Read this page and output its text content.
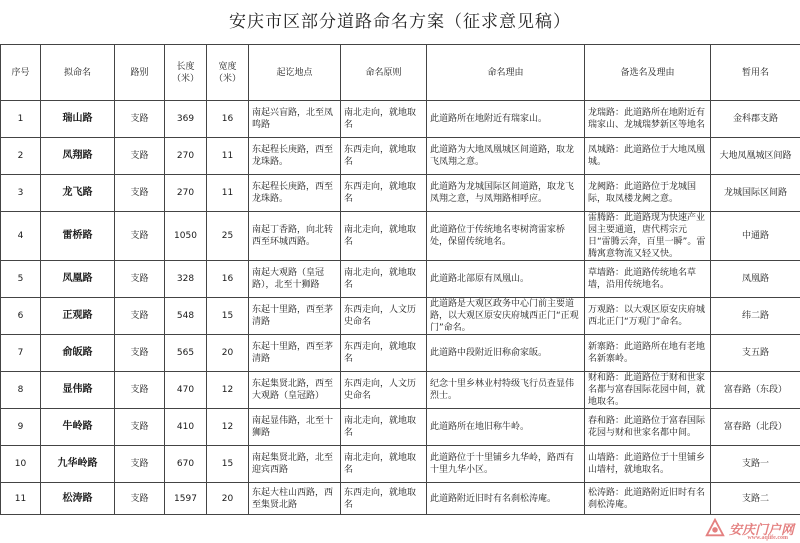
安庆市区部分道路命名方案（征求意见稿）
序号	拟命名	路别	长度（米）	宽度（米）	起讫地点	命名原则	命名理由	备选名及理由	暂用名
1	瑞山路	支路	369	16	南起兴盲路，北至凤鸣路	南北走向，就地取名	此道路所在地附近有瑞家山。	龙瑞路：此道路所在地附近有瑞家山、龙城瑞梦新区等地名	金科郡支路
2	凤翔路	支路	270	11	东起程长庚路，西至龙珠路。	东西走向，就地取名	此道路为大地凤凰城区间道路，取龙飞凤翔之意。	凤城路：此道路位于大地凤凰城。	大地凤凰城区间路
3	龙飞路	支路	270	11	东起程长庚路，西至龙珠路。	东西走向，就地取名	此道路为龙城国际区间道路，取龙飞凤翔之意，与凤翔路相呼应。	龙阙路：此道路位于龙城国际，取凤楼龙阙之意。	龙城国际区间路
4	雷桥路	支路	1050	25	南起丁香路，向北转西至环城西路。	南北走向，就地取名	此道路位于传统地名枣树湾雷家桥处，保留传统地名。	雷腾路：此道路现为快速产业园主要通道，唐代樗宗元日“雷腾云奔，百里一瞬”。雷腾寓意物流又轻又快。	中通路
5	凤凰路	支路	328	16	南起大观路（皇冠路），北至十狮路	南北走向，就地取名	此道路北部原有凤凰山。	草墙路：此道路传统地名草墙，沿用传统地名。	凤凰路
6	正观路	支路	548	15	东起十里路，西至茅清路	东西走向，人文历史命名	此道路是大观区政务中心门前主要道路，以大观区原安庆府城西正门“正观门”命名。	万观路：以大观区原安庆府城西北正门“万观门”命名。	纬二路
7	俞皈路	支路	565	20	东起十里路，西至茅清路	东西走向，就地取名	此道路中段附近旧称俞家皈。	新寨路：此道路所在地有老地名新寨岭。	支五路
8	显伟路	支路	470	12	东起集贤北路，西至大观路（皇冠路）	东西走向，人文历史命名	纪念十里乡林业村特级飞行员查显伟烈士。	财和路：此道路位于财和世家名都与富春国际花园中间，就地取名。	富春路（东段）
9	牛岭路	支路	410	12	南起显伟路，北至十狮路	南北走向，就地取名	此道路所在地旧称牛岭。	春和路：此道路位于富春国际花园与财和世家名都中间。	富春路（北段）
10	九华岭路	支路	670	15	南起集贤北路，北至迎宾西路	南北走向，就地取名	此道路位于十里铺乡九华岭，路西有十里九华小区。	山墙路：此道路位于十里铺乡山墙村，就地取名。	支路一
11	松涛路	支路	1597	20	东起大柱山西路，西至集贤北路	东西走向，就地取名	此道路附近旧时有名刹松涛庵。	松涛路：此道路附近旧时有名刹松涛庵。	支路二
安庆门户网
www.aqlife.com
